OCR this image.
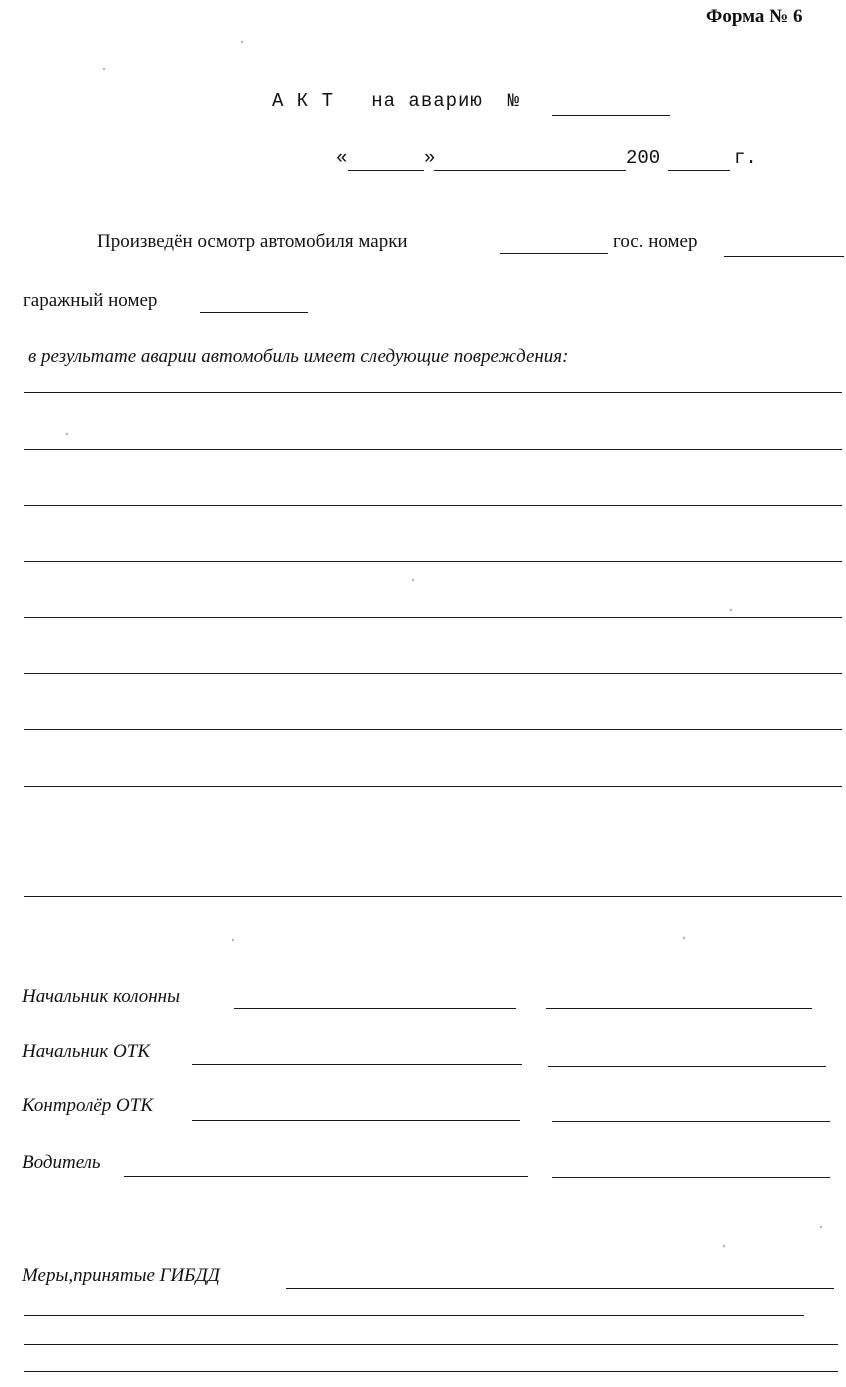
Форма № 6
А К Т   на аварию  №
«	»	200	г.
Произведён осмотр автомобиля марки	гос. номер
гаражный номер
в результате аварии автомобиль имеет следующие повреждения:
Начальник колонны
Начальник ОТК
Контролёр ОТК
Водитель
Меры,принятые ГИБДД
